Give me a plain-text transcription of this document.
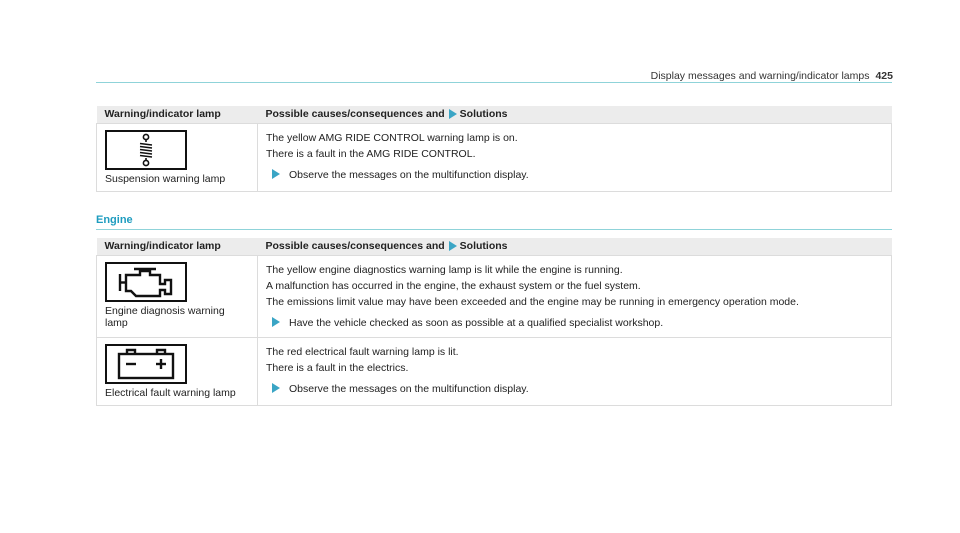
Display messages and warning/indicator lamps 425
Warning/indicator lamp	Possible causes/consequences and Solutions

Suspension warning lamp	The yellow AMG RIDE CONTROL warning lamp is on.
There is a fault in the AMG RIDE CONTROL.
Observe the messages on the multifunction display.
Engine
Warning/indicator lamp	Possible causes/consequences and Solutions

Engine diagnosis warning lamp	The yellow engine diagnostics warning lamp is lit while the engine is running.
A malfunction has occurred in the engine, the exhaust system or the fuel system.
The emissions limit value may have been exceeded and the engine may be running in emergency operation mode.
Have the vehicle checked as soon as possible at a qualified specialist workshop.

Electrical fault warning lamp	The red electrical fault warning lamp is lit.
There is a fault in the electrics.
Observe the messages on the multifunction display.
